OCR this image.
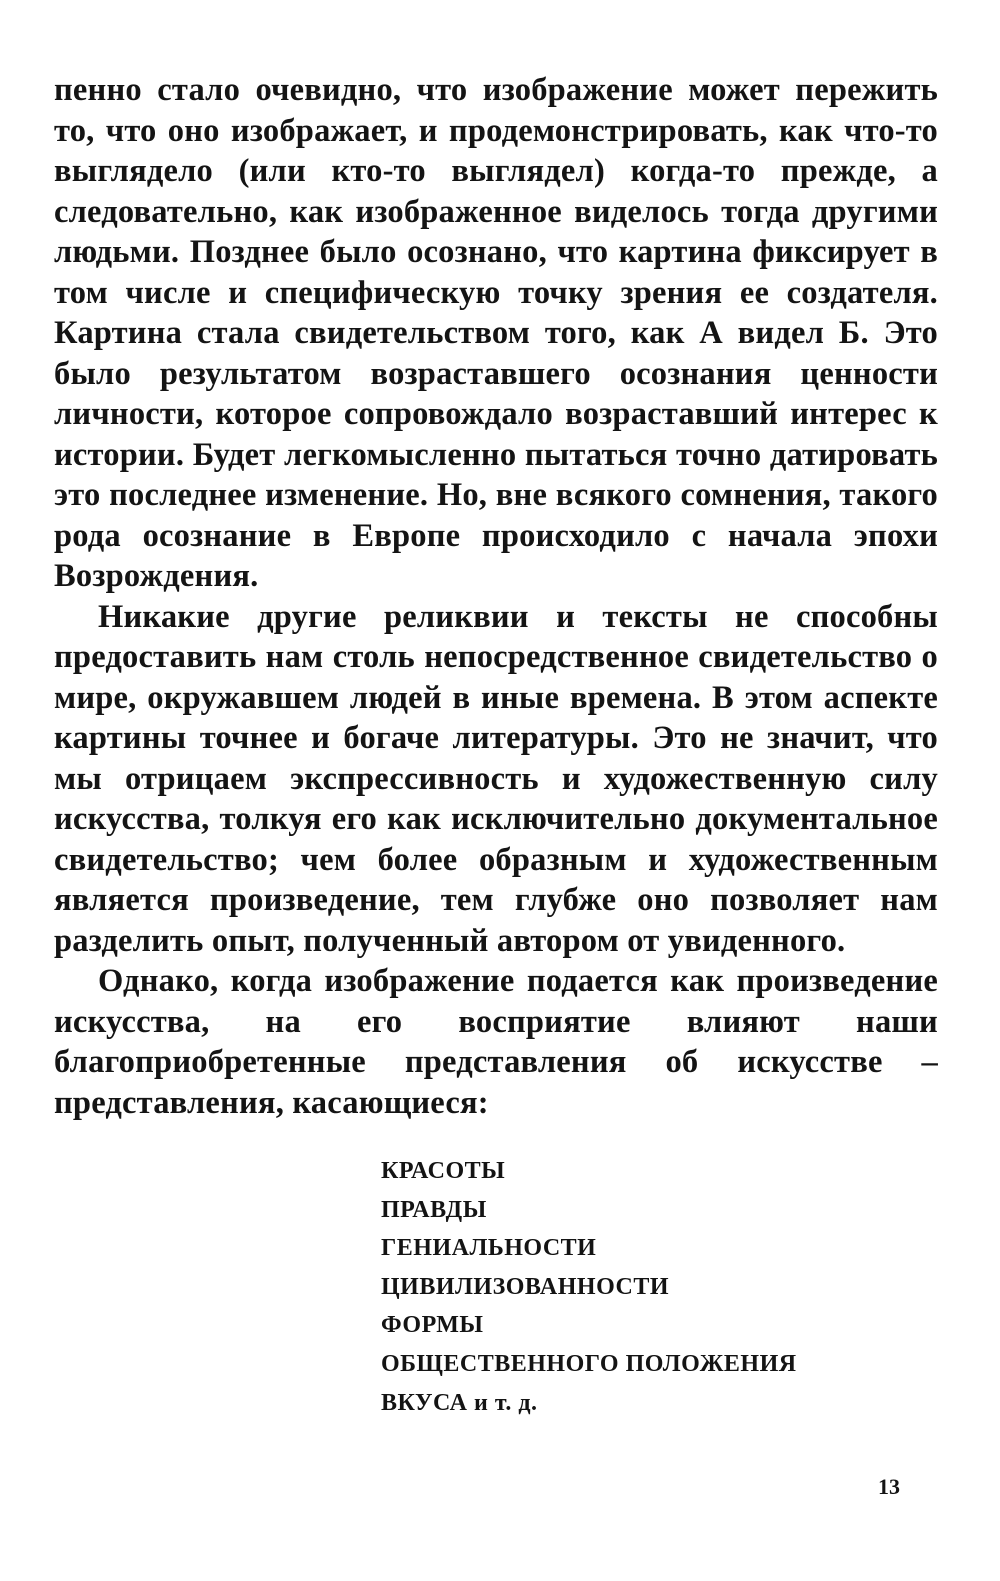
пенно стало очевидно, что изображение может пережить то, что оно изображает, и продемонстрировать, как что-то выглядело (или кто-то выглядел) когда-то прежде, а следовательно, как изображенное виделось тогда другими людьми. Позднее было осознано, что картина фиксирует в том числе и специфическую точку зрения ее создателя. Картина стала свидетельством того, как А видел Б. Это было результатом возраставшего осознания ценности личности, которое сопровождало возраставший интерес к истории. Будет легкомысленно пытаться точно датировать это последнее изменение. Но, вне всякого сомнения, такого рода осознание в Европе происходило с начала эпохи Возрождения.

Никакие другие реликвии и тексты не способны предоставить нам столь непосредственное свидетельство о мире, окружавшем людей в иные времена. В этом аспекте картины точнее и богаче литературы. Это не значит, что мы отрицаем экспрессивность и художественную силу искусства, толкуя его как исключительно документальное свидетельство; чем более образным и художественным является произведение, тем глубже оно позволяет нам разделить опыт, полученный автором от увиденного.

Однако, когда изображение подается как произведение искусства, на его восприятие влияют наши благоприобретенные представления об искусстве – представления, касающиеся:

КРАСОТЫ
ПРАВДЫ
ГЕНИАЛЬНОСТИ
ЦИВИЛИЗОВАННОСТИ
ФОРМЫ
ОБЩЕСТВЕННОГО ПОЛОЖЕНИЯ
ВКУСА и т. д.
13
